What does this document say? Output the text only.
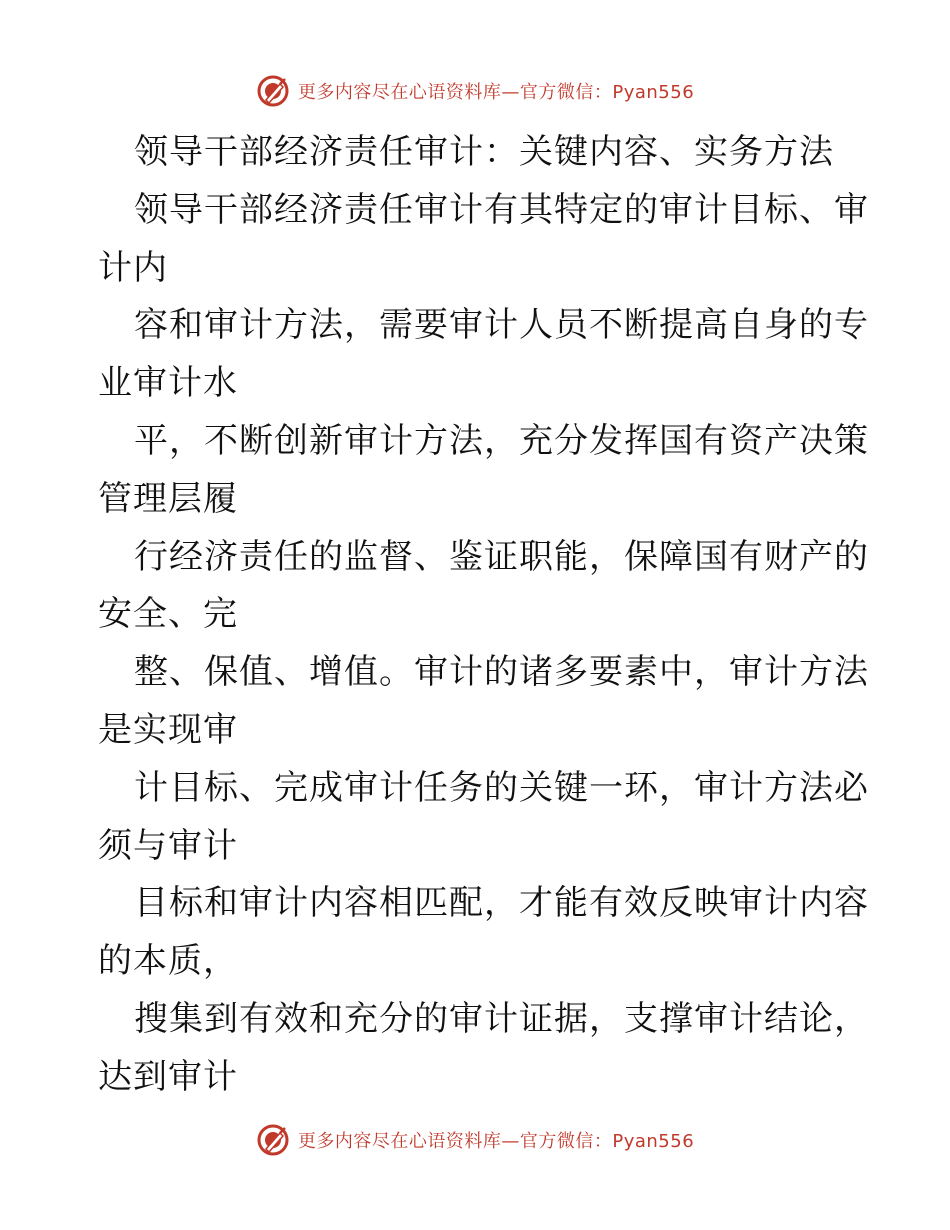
更多内容尽在心语资料库—官方微信：Pyan556
领导干部经济责任审计：关键内容、实务方法
领导干部经济责任审计有其特定的审计目标、审
计内
容和审计方法，需要审计人员不断提高自身的专
业审计水
平，不断创新审计方法，充分发挥国有资产决策
管理层履
行经济责任的监督、鉴证职能，保障国有财产的
安全、完
整、保值、增值。审计的诸多要素中，审计方法
是实现审
计目标、完成审计任务的关键一环，审计方法必
须与审计
目标和审计内容相匹配，才能有效反映审计内容
的本质，
搜集到有效和充分的审计证据，支撑审计结论，
达到审计
更多内容尽在心语资料库—官方微信：Pyan556
